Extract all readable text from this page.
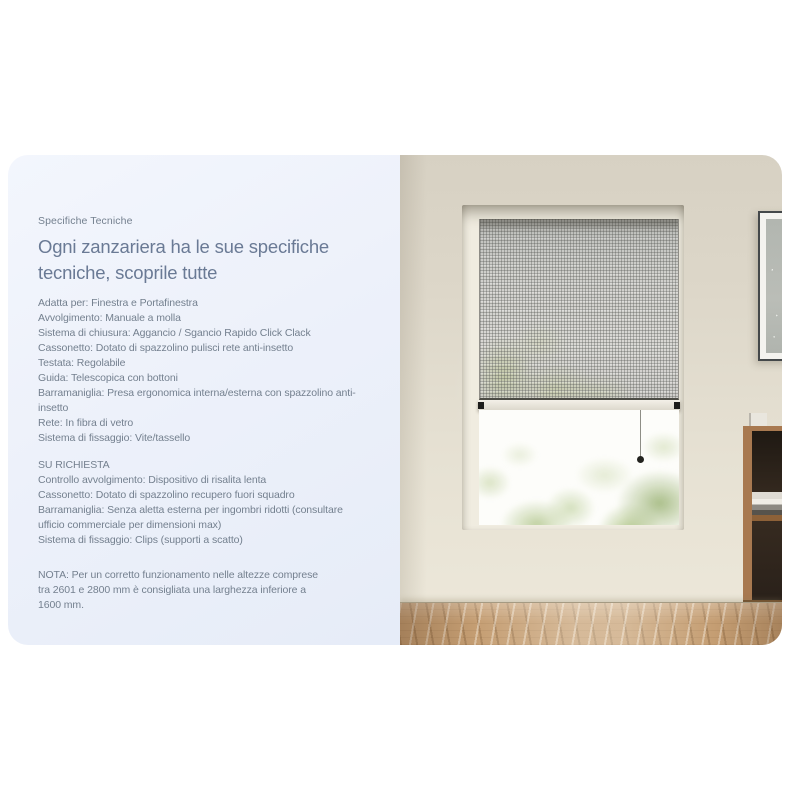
Specifiche Tecniche
Ogni zanzariera ha le sue specifiche tecniche, scoprile tutte
Adatta per: Finestra e Portafinestra
Avvolgimento: Manuale a molla
Sistema di chiusura: Aggancio / Sgancio Rapido Click Clack
Cassonetto: Dotato di spazzolino pulisci rete anti-insetto
Testata: Regolabile
Guida: Telescopica con bottoni
Barramaniglia: Presa ergonomica interna/esterna con spazzolino anti-insetto
Rete: In fibra di vetro
Sistema di fissaggio: Vite/tassello
SU RICHIESTA
Controllo avvolgimento: Dispositivo di risalita lenta
Cassonetto: Dotato di spazzolino recupero fuori squadro
Barramaniglia: Senza aletta esterna per ingombri ridotti (consultare ufficio commerciale per dimensioni max)
Sistema di fissaggio: Clips (supporti a scatto)
NOTA: Per un corretto funzionamento nelle altezze comprese tra 2601 e 2800 mm è consigliata una larghezza inferiore a 1600 mm.
